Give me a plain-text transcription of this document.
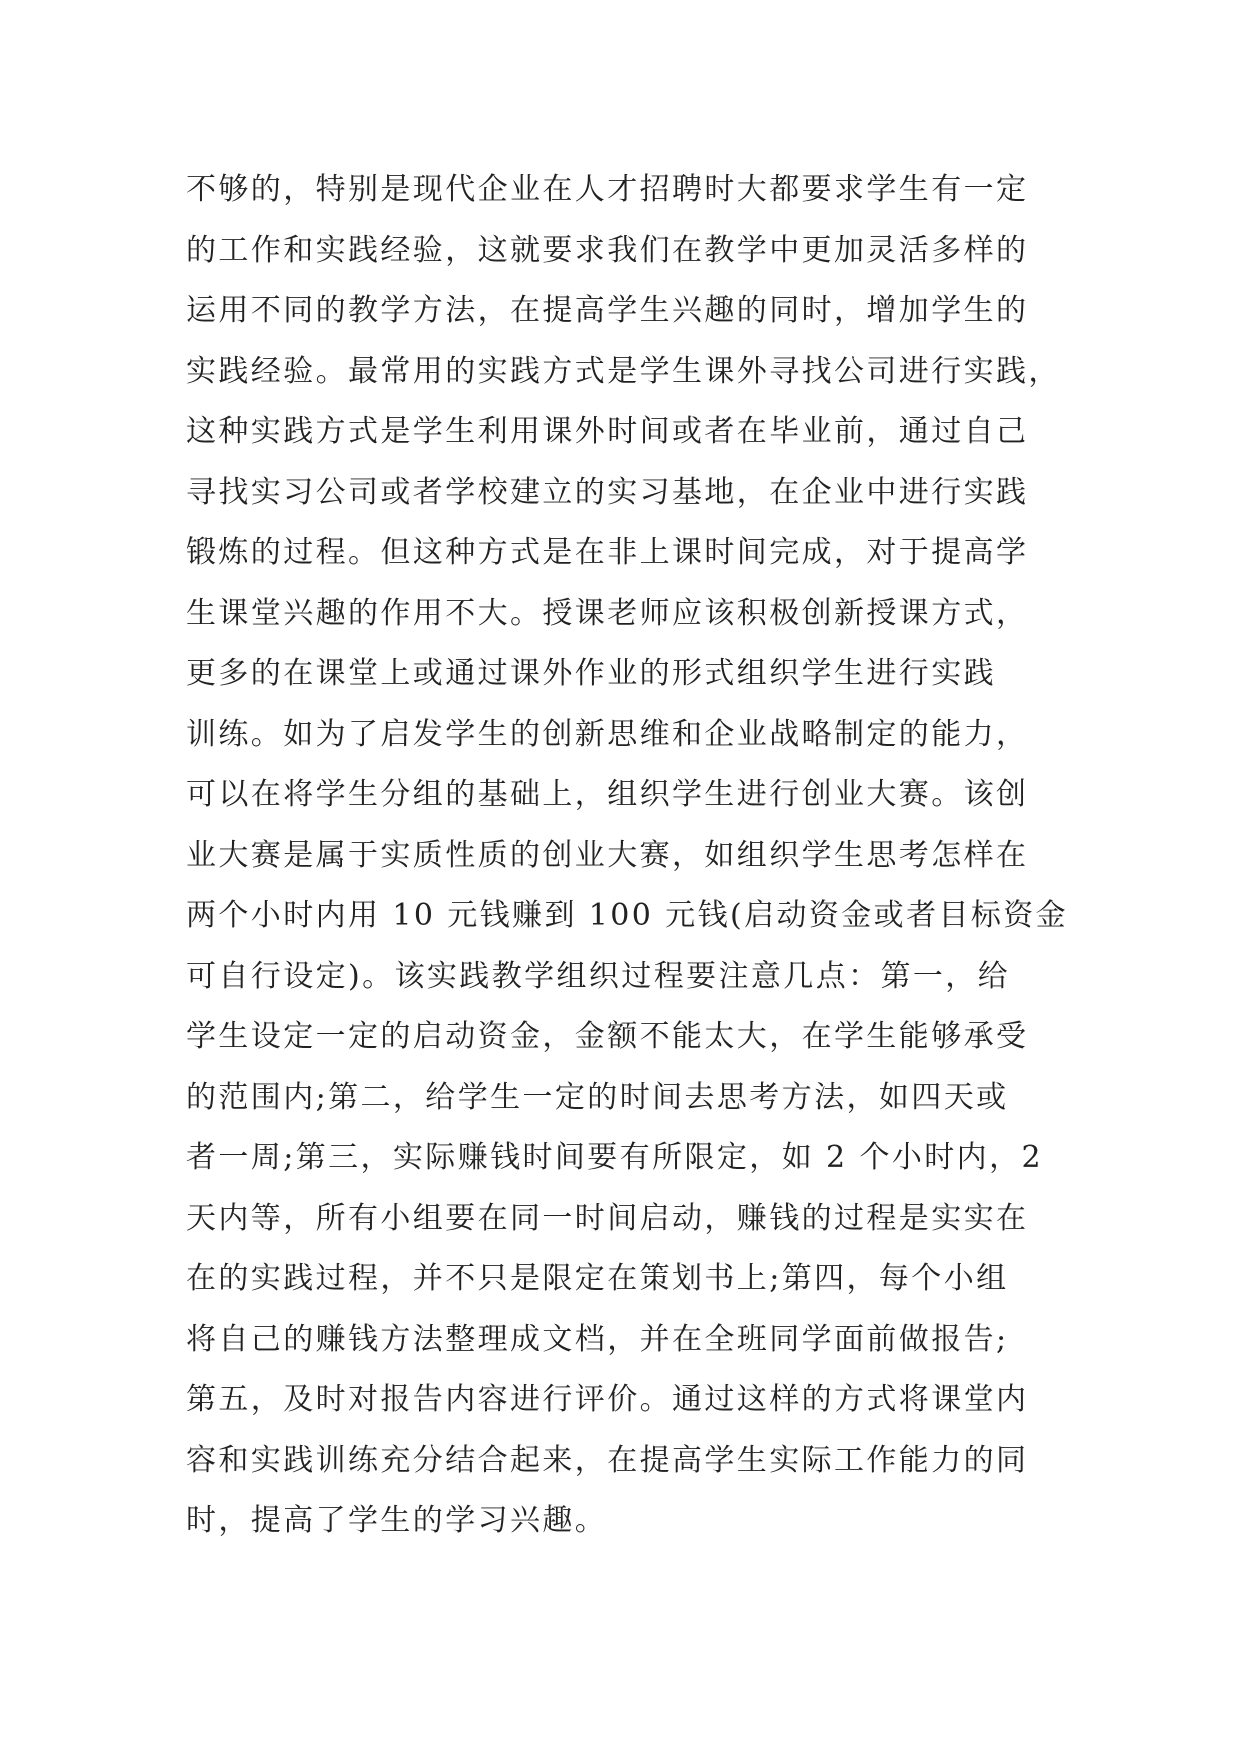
不够的，特别是现代企业在人才招聘时大都要求学生有一定
的工作和实践经验，这就要求我们在教学中更加灵活多样的
运用不同的教学方法，在提高学生兴趣的同时，增加学生的
实践经验。最常用的实践方式是学生课外寻找公司进行实践，
这种实践方式是学生利用课外时间或者在毕业前，通过自己
寻找实习公司或者学校建立的实习基地，在企业中进行实践
锻炼的过程。但这种方式是在非上课时间完成，对于提高学
生课堂兴趣的作用不大。授课老师应该积极创新授课方式，
更多的在课堂上或通过课外作业的形式组织学生进行实践
训练。如为了启发学生的创新思维和企业战略制定的能力，
可以在将学生分组的基础上，组织学生进行创业大赛。该创
业大赛是属于实质性质的创业大赛，如组织学生思考怎样在
两个小时内用 10 元钱赚到 100 元钱(启动资金或者目标资金
可自行设定)。该实践教学组织过程要注意几点：第一，给
学生设定一定的启动资金，金额不能太大，在学生能够承受
的范围内;第二，给学生一定的时间去思考方法，如四天或
者一周;第三，实际赚钱时间要有所限定，如 2 个小时内，2
天内等，所有小组要在同一时间启动，赚钱的过程是实实在
在的实践过程，并不只是限定在策划书上;第四，每个小组
将自己的赚钱方法整理成文档，并在全班同学面前做报告;
第五，及时对报告内容进行评价。通过这样的方式将课堂内
容和实践训练充分结合起来，在提高学生实际工作能力的同
时，提高了学生的学习兴趣。
